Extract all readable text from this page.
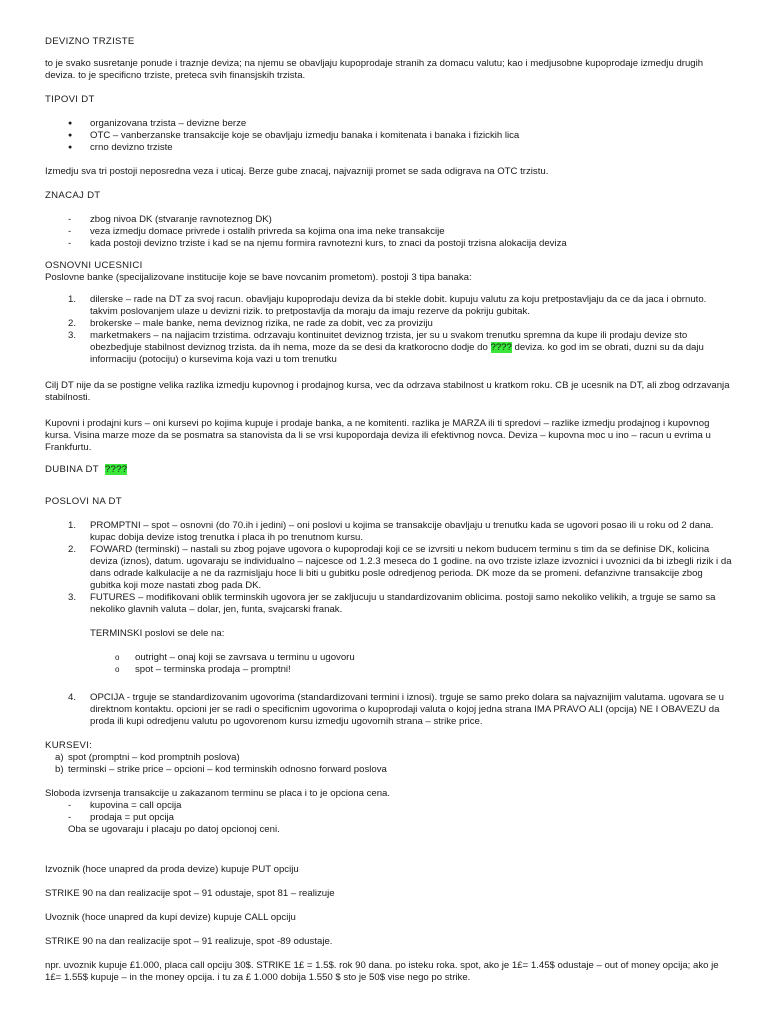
DEVIZNO TRZISTE

to je svako susretanje ponude i traznje deviza; na njemu se obavljaju kupoprodaje stranih za domacu valutu; kao i medjusobne kupoprodaje izmedju drugih deviza. to je specificno trziste, preteca svih finansjskih trzista.

TIPOVI DT

● organizovana trzista – devizne berze
● OTC – vanberzanske transakcije koje se obavljaju izmedju banaka i komitenata i banaka i fizickih lica
● crno devizno trziste

Izmedju sva tri postoji neposredna veza i uticaj. Berze gube znacaj, najvazniji promet se sada odigrava na OTC trzistu.

ZNACAJ DT

- zbog nivoa DK (stvaranje ravnoteznog DK)
- veza izmedju domace privrede i ostalih privreda sa kojima ona ima neke transakcije
- kada postoji devizno trziste i kad se na njemu formira ravnotezni kurs, to znaci da postoji trzisna alokacija deviza

OSNOVNI UCESNICI

Poslovne banke (specijalizovane institucije koje se bave novcanim prometom). postoji 3 tipa banaka:

1. dilerske – rade na DT za svoj racun. obavljaju kupoprodaju deviza da bi stekle dobit. kupuju valutu za koju pretpostavljaju da ce da jaca i obrnuto. takvim poslovanjem ulaze u devizni rizik. to pretpostavlja da moraju da imaju rezerve da pokriju gubitak.
2. brokerske – male banke, nema deviznog rizika, ne rade za dobit, vec za proviziju
3. marketmakers – na najjacim trzistima. odrzavaju kontinuitet deviznog trzista, jer su u svakom trenutku spremna da kupe ili prodaju devize sto obezbedjuje stabilnost deviznog trzista. da ih nema, moze da se desi da kratkorocno dodje do ???? deviza. ko god im se obrati, duzni su da daju informaciju (potociju) o kursevima koja vazi u tom trenutku

Cilj DT nije da se postigne velika razlika izmedju kupovnog i prodajnog kursa, vec da odrzava stabilnost u kratkom roku. CB je ucesnik na DT, ali zbog odrzavanja stabilnosti.

Kupovni i prodajni kurs – oni kursevi po kojima kupuje i prodaje banka, a ne komitenti. razlika je MARZA ili ti spredovi – razlike izmedju prodajnog i kupovnog kursa. Visina marze moze da se posmatra sa stanovista da li se vrsi kupopordaja deviza ili efektivnog novca. Deviza – kupovna moc u ino – racun u evrima u Frankfurtu.

DUBINA DT ????

POSLOVI NA DT

1. PROMPTNI – spot – osnovni (do 70.ih i jedini) – oni poslovi u kojima se transakcije obavljaju u trenutku kada se ugovori posao ili u roku od 2 dana. kupac dobija devize istog trenutka i placa ih po trenutnom kursu.
2. FOWARD (terminski) – nastali su zbog pojave ugovora o kupoprodaji koji ce se izvrsiti u nekom buducem terminu s tim da se definise DK, kolicina deviza (iznos), datum. ugovaraju se individualno – najcesce od 1.2.3 meseca do 1 godine. na ovo trziste izlaze izvoznici i uvoznici da bi izbegli rizik i da dans odrade kalkulacije a ne da razmisljaju hoce li biti u gubitku posle odredjenog perioda. DK moze da se promeni. defanzivne transakcije zbog gubitka koji moze nastati zbog pada DK.
3. FUTURES – modifikovani oblik terminskih ugovora jer se zakljucuju u standardizovanim oblicima. postoji samo nekoliko velikih, a trguje se samo sa nekoliko glavnih valuta – dolar, jen, funta, svajcarski franak.

TERMINSKI poslovi se dele na:

o outright – onaj koji se zavrsava u terminu u ugovoru
o spot – terminska prodaja – promptni!
4. OPCIJA - trguje se standardizovanim ugovorima (standardizovani termini i iznosi). trguje se samo preko dolara sa najvaznijim valutama. ugovara se u direktnom kontaktu. opcioni jer se radi o specificnim ugovorima o kupoprodaji valuta o kojoj jedna strana IMA PRAVO ALI (opcija) NE I OBAVEZU da proda ili kupi odredjenu valutu po ugovorenom kursu izmedju ugovornih strana – strike price.

KURSEVI:

a) spot (promptni – kod promptnih poslova)
b) terminski – strike price – opcioni – kod terminskih odnosno forward poslova

Sloboda izvrsenja transakcije u zakazanom terminu se placa i to je opciona cena.

- kupovina = call opcija
- prodaja = put opcija

Oba se ugovaraju i placaju po datoj opcionoj ceni.

Izvoznik (hoce unapred da proda devize) kupuje PUT opciju

STRIKE 90 na dan realizacije spot – 91 odustaje, spot 81 – realizuje

Uvoznik (hoce unapred da kupi devize) kupuje CALL opciju

STRIKE 90 na dan realizacije spot – 91 realizuje, spot -89 odustaje.

npr. uvoznik kupuje £1.000, placa call opciju 30$. STRIKE 1£ = 1.5$. rok 90 dana. po isteku roka. spot, ako je 1£= 1.45$ odustaje – out of money opcija; ako je 1£= 1.55$ kupuje – in the money opcija. i tu za £ 1.000 dobija 1.550 $ sto je 50$ vise nego po strike.
